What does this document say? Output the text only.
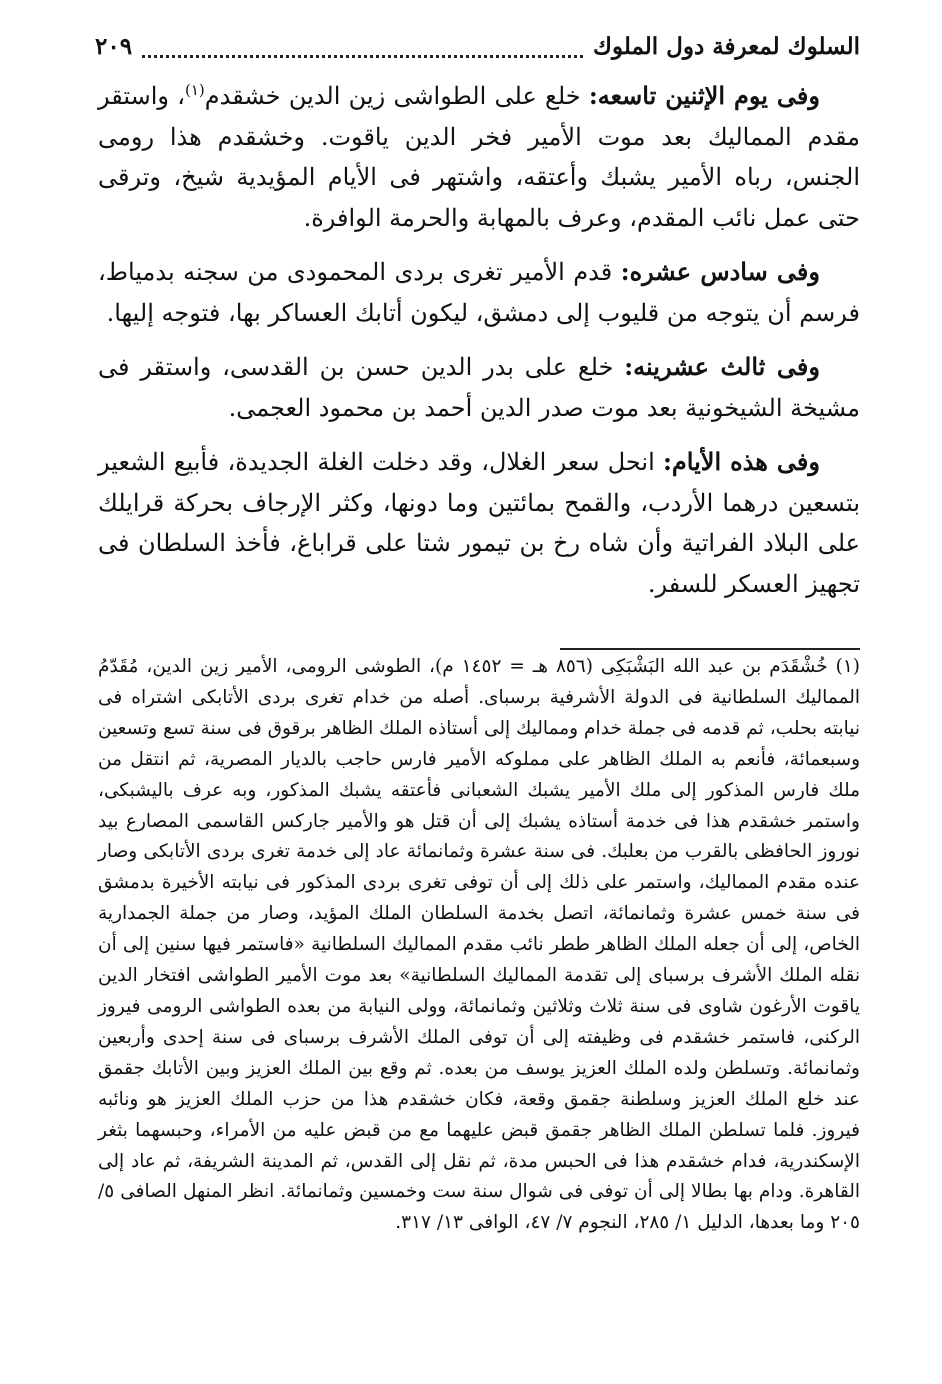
السلوك لمعرفة دول الملوك
٢٠٩

وفى يوم الإثنين تاسعه: خلع على الطواشى زين الدين خشقدم$^{(١)}$، واستقر مقدم المماليك بعد موت الأمير فخر الدين ياقوت. وخشقدم هذا رومى الجنس، رباه الأمير يشبك وأعتقه، واشتهر فى الأيام المؤيدية شيخ، وترقى حتى عمل نائب المقدم، وعرف بالمهابة والحرمة الوافرة.

وفى سادس عشره: قدم الأمير تغرى بردى المحمودى من سجنه بدمياط، فرسم أن يتوجه من قليوب إلى دمشق، ليكون أتابك العساكر بها، فتوجه إليها.

وفى ثالث عشرينه: خلع على بدر الدين حسن بن القدسى، واستقر فى مشيخة الشيخونية بعد موت صدر الدين أحمد بن محمود العجمى.

وفى هذه الأيام: انحل سعر الغلال، وقد دخلت الغلة الجديدة، فأبيع الشعير بتسعين درهما الأردب، والقمح بمائتين وما دونها، وكثر الإرجاف بحركة قرايلك على البلاد الفراتية وأن شاه رخ بن تيمور شتا على قراباغ، فأخذ السلطان فى تجهيز العسكر للسفر.

(١) خُشْقَدَم بن عبد الله البَشْبَكِى (٨٥٦ هـ = ١٤٥٢ م)، الطوشى الرومى، الأمير زين الدين، مُقَدّمُ المماليك السلطانية فى الدولة الأشرفية برسباى. أصله من خدام تغرى بردى الأتابكى اشتراه فى نيابته بحلب، ثم قدمه فى جملة خدام ومماليك إلى أستاذه الملك الظاهر برقوق فى سنة تسع وتسعين وسبعمائة، فأنعم به الملك الظاهر على مملوكه الأمير فارس حاجب بالديار المصرية، ثم انتقل من ملك فارس المذكور إلى ملك الأمير يشبك الشعبانى فأعتقه يشبك المذكور، وبه عرف باليشبكى، واستمر خشقدم هذا فى خدمة أستاذه يشبك إلى أن قتل هو والأمير جاركس القاسمى المصارع بيد نوروز الحافظى بالقرب من بعلبك. فى سنة عشرة وثمانمائة عاد إلى خدمة تغرى بردى الأتابكى وصار عنده مقدم المماليك، واستمر على ذلك إلى أن توفى تغرى بردى المذكور فى نيابته الأخيرة بدمشق فى سنة خمس عشرة وثمانمائة، اتصل بخدمة السلطان الملك المؤيد، وصار من جملة الجمدارية الخاص، إلى أن جعله الملك الظاهر ططر نائب مقدم المماليك السلطانية «فاستمر فيها سنين إلى أن نقله الملك الأشرف برسباى إلى تقدمة المماليك السلطانية» بعد موت الأمير الطواشى افتخار الدين ياقوت الأرغون شاوى فى سنة ثلاث وثلاثين وثمانمائة، وولى النيابة من بعده الطواشى الرومى فيروز الركنى، فاستمر خشقدم فى وظيفته إلى أن توفى الملك الأشرف برسباى فى سنة إحدى وأربعين وثمانمائة. وتسلطن ولده الملك العزيز يوسف من بعده. ثم وقع بين الملك العزيز وبين الأتابك جقمق عند خلع الملك العزيز وسلطنة جقمق وقعة، فكان خشقدم هذا من حزب الملك العزيز هو ونائبه فيروز. فلما تسلطن الملك الظاهر جقمق قبض عليهما مع من قبض عليه من الأمراء، وحبسهما بثغر الإسكندرية، فدام خشقدم هذا فى الحبس مدة، ثم نقل إلى القدس، ثم المدينة الشريفة، ثم عاد إلى القاهرة. ودام بها بطالا إلى أن توفى فى شوال سنة ست وخمسين وثمانمائة. انظر المنهل الصافى ٥/ ٢٠٥ وما بعدها، الدليل ١/ ٢٨٥، النجوم ٧/ ٤٧، الوافى ١٣/ ٣١٧.
